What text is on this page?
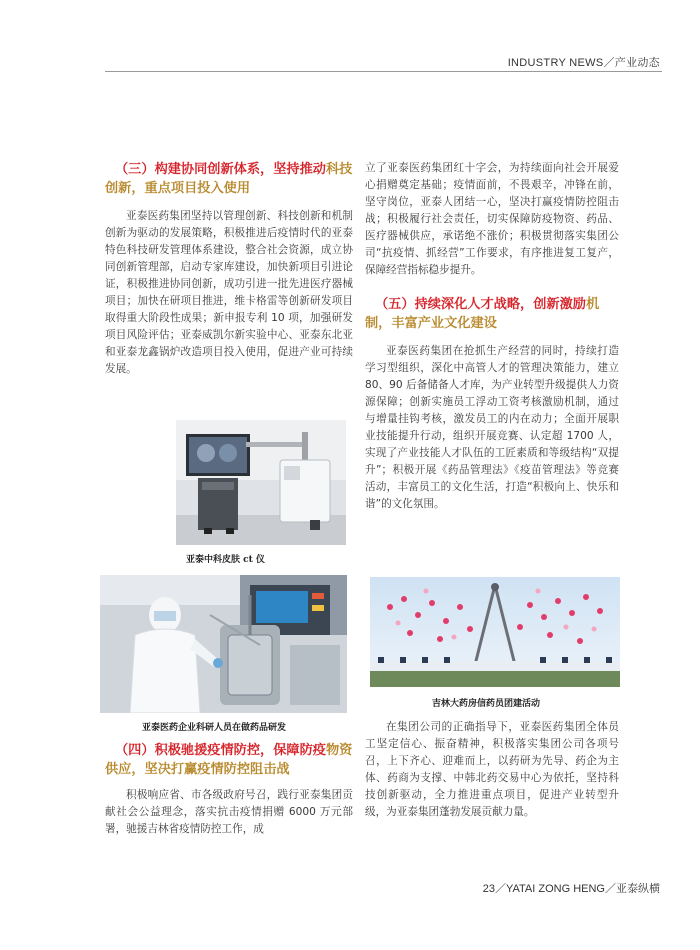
INDUSTRY NEWS／产业动态
（三）构建协同创新体系，坚持推动科技创新，重点项目投入使用

亚泰医药集团坚持以管理创新、科技创新和机制创新为驱动的发展策略，积极推进后疫情时代的亚泰特色科技研发管理体系建设，整合社会资源，成立协同创新管理部，启动专家库建设，加快新项目引进论证，积极推进协同创新，成功引进一批先进医疗器械项目；加快在研项目推进，维卡格雷等创新研发项目取得重大阶段性成果；新申报专利 10 项，加强研发项目风险评估；亚泰威凯尔新实验中心、亚泰东北亚和亚泰龙鑫锅炉改造项目投入使用，促进产业可持续发展。

亚泰中科皮肤 ct 仪
亚泰医药企业科研人员在做药品研发
（四）积极驰援疫情防控，保障防疫物资供应，坚决打赢疫情防控阻击战

积极响应省、市各级政府号召，践行亚泰集团贡献社会公益理念，落实抗击疫情捐赠 6000 万元部署，驰援吉林省疫情防控工作，成

立了亚泰医药集团红十字会，为持续面向社会开展爱心捐赠奠定基础；疫情面前，不畏艰辛，冲锋在前，坚守岗位，亚泰人团结一心，坚决打赢疫情防控阻击战；积极履行社会责任，切实保障防疫物资、药品、医疗器械供应，承诺绝不涨价；积极贯彻落实集团公司“抗疫情、抓经营”工作要求，有序推进复工复产，保障经营指标稳步提升。

（五）持续深化人才战略，创新激励机制，丰富产业文化建设

亚泰医药集团在抢抓生产经营的同时，持续打造学习型组织，深化中高管人才的管理决策能力，建立 80、90 后备储备人才库，为产业转型升级提供人力资源保障；创新实施员工浮动工资考核激励机制，通过与增量挂钩考核，激发员工的内在动力；全面开展职业技能提升行动，组织开展竞赛、认定超 1700 人，实现了产业技能人才队伍的工匠素质和等级结构“双提升”；积极开展《药品管理法》《疫苗管理法》等竞赛活动，丰富员工的文化生活，打造“积极向上、快乐和谐”的文化氛围。

吉林大药房信药员团建活动

在集团公司的正确指导下，亚泰医药集团全体员工坚定信心、振奋精神，积极落实集团公司各项号召，上下齐心、迎难而上，以药研为先导、药企为主体、药商为支撑、中韩北药交易中心为依托，坚持科技创新驱动，全力推进重点项目，促进产业转型升级，为亚泰集团蓬勃发展贡献力量。

23／YATAI ZONG HENG／亚泰纵横
